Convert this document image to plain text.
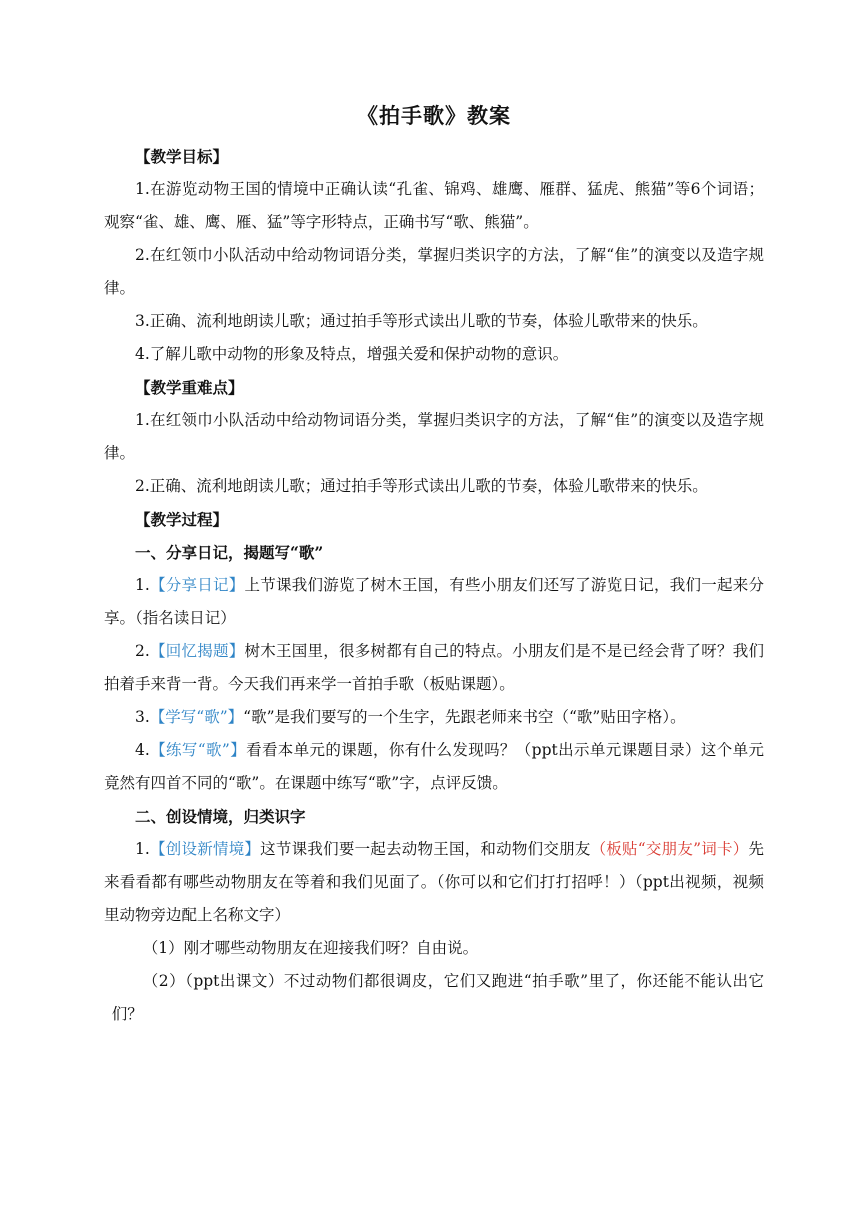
《拍手歌》教案

【教学目标】

1.在游览动物王国的情境中正确认读“孔雀、锦鸡、雄鹰、雁群、猛虎、熊猫”等6个词语；观察“雀、雄、鹰、雁、猛”等字形特点，正确书写“歌、熊猫”。

2.在红领巾小队活动中给动物词语分类，掌握归类识字的方法，了解“隹”的演变以及造字规律。

3.正确、流利地朗读儿歌；通过拍手等形式读出儿歌的节奏，体验儿歌带来的快乐。

4.了解儿歌中动物的形象及特点，增强关爱和保护动物的意识。

【教学重难点】

1.在红领巾小队活动中给动物词语分类，掌握归类识字的方法，了解“隹”的演变以及造字规律。

2.正确、流利地朗读儿歌；通过拍手等形式读出儿歌的节奏，体验儿歌带来的快乐。

【教学过程】

一、分享日记，揭题写“歌”

1.【分享日记】上节课我们游览了树木王国，有些小朋友们还写了游览日记，我们一起来分享。（指名读日记）

2.【回忆揭题】树木王国里，很多树都有自己的特点。小朋友们是不是已经会背了呀？我们拍着手来背一背。今天我们再来学一首拍手歌（板贴课题）。

3.【学写“歌”】“歌”是我们要写的一个生字，先跟老师来书空（“歌”贴田字格）。

4.【练写“歌”】看看本单元的课题，你有什么发现吗？（ppt出示单元课题目录）这个单元竟然有四首不同的“歌”。在课题中练写“歌”字，点评反馈。

二、创设情境，归类识字

1.【创设新情境】这节课我们要一起去动物王国，和动物们交朋友（板贴“交朋友”词卡）先来看看都有哪些动物朋友在等着和我们见面了。（你可以和它们打打招呼！）（ppt出视频，视频里动物旁边配上名称文字）

（1）刚才哪些动物朋友在迎接我们呀？自由说。

（2）（ppt出课文）不过动物们都很调皮，它们又跑进“拍手歌”里了，你还能不能认出它们？
